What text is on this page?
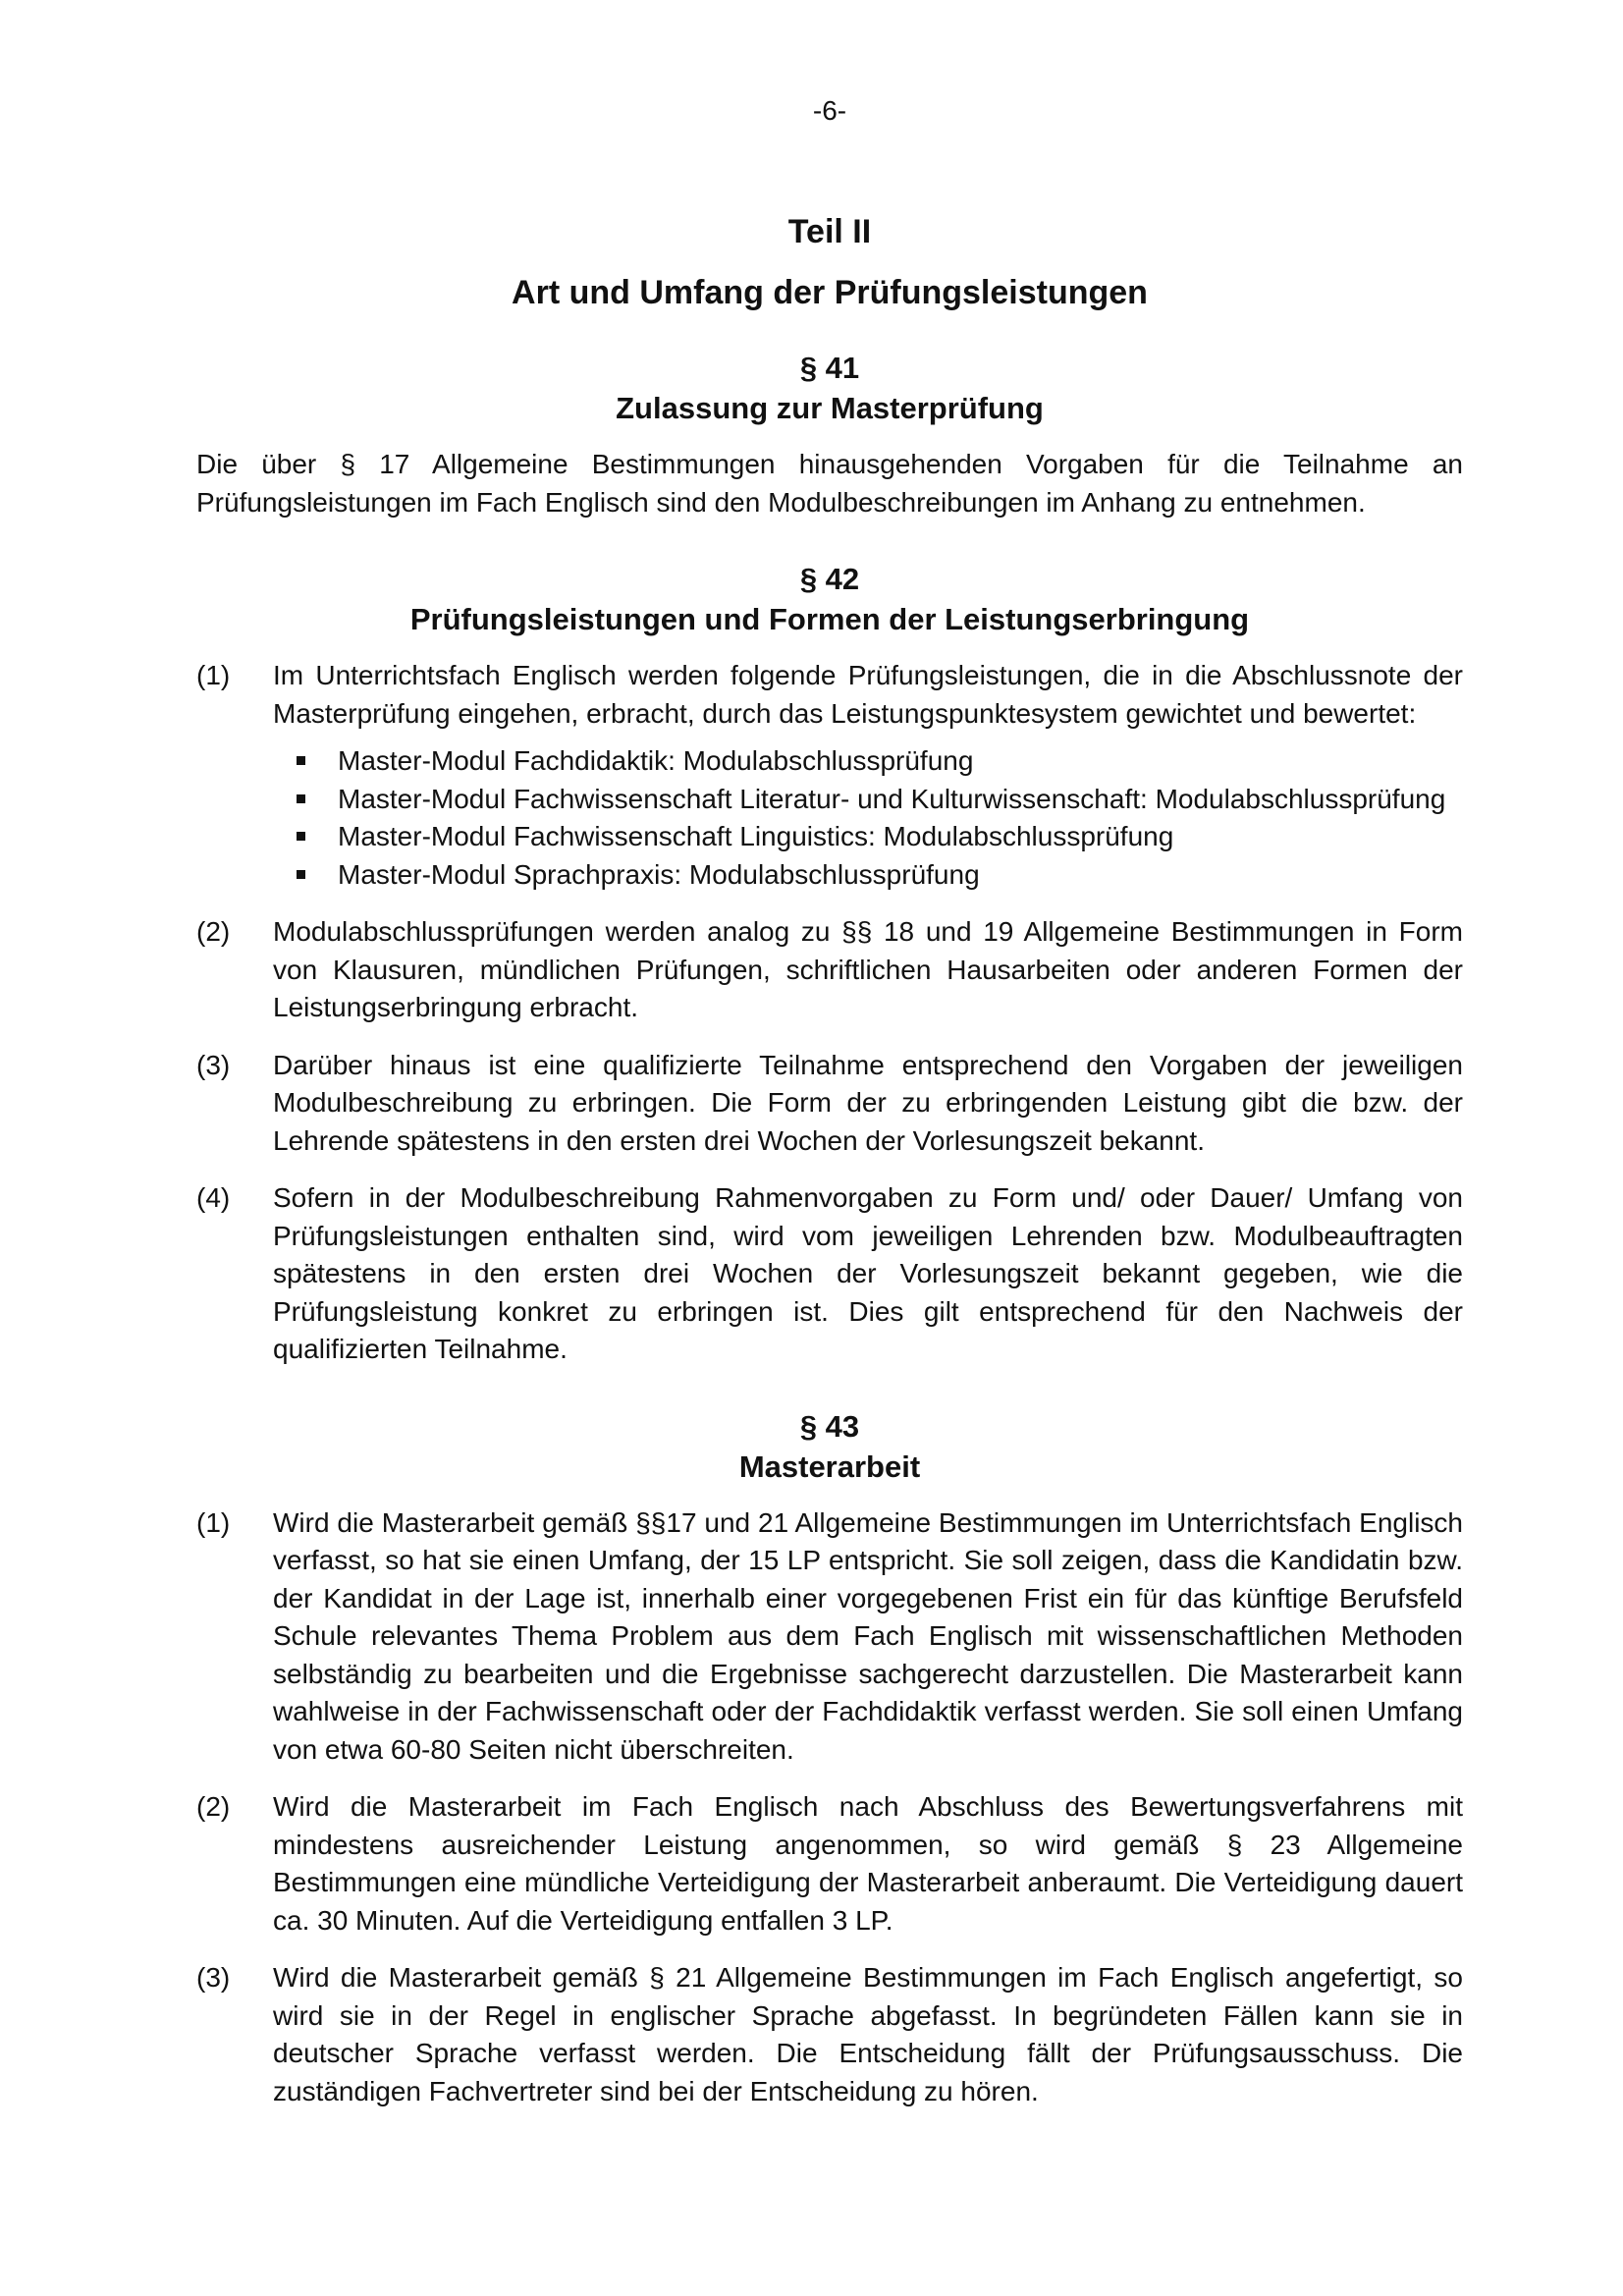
-6-
Teil II
Art und Umfang der Prüfungsleistungen
§ 41
Zulassung zur Masterprüfung

Die über § 17 Allgemeine Bestimmungen hinausgehenden Vorgaben für die Teilnahme an Prüfungsleistungen im Fach Englisch sind den Modulbeschreibungen im Anhang zu entnehmen.

§ 42
Prüfungsleistungen und Formen der Leistungserbringung
(1) Im Unterrichtsfach Englisch werden folgende Prüfungsleistungen, die in die Abschlussnote der Masterprüfung eingehen, erbracht, durch das Leistungspunktesystem gewichtet und bewertet:
Master-Modul Fachdidaktik: Modulabschlussprüfung
Master-Modul Fachwissenschaft Literatur- und Kulturwissenschaft: Modulabschlussprüfung
Master-Modul Fachwissenschaft Linguistics: Modulabschlussprüfung
Master-Modul Sprachpraxis: Modulabschlussprüfung
(2) Modulabschlussprüfungen werden analog zu §§ 18 und 19 Allgemeine Bestimmungen in Form von Klausuren, mündlichen Prüfungen, schriftlichen Hausarbeiten oder anderen Formen der Leistungserbringung erbracht.
(3) Darüber hinaus ist eine qualifizierte Teilnahme entsprechend den Vorgaben der jeweiligen Modulbeschreibung zu erbringen. Die Form der zu erbringenden Leistung gibt die bzw. der Lehrende spätestens in den ersten drei Wochen der Vorlesungszeit bekannt.
(4) Sofern in der Modulbeschreibung Rahmenvorgaben zu Form und/ oder Dauer/ Umfang von Prüfungsleistungen enthalten sind, wird vom jeweiligen Lehrenden bzw. Modulbeauftragten spätestens in den ersten drei Wochen der Vorlesungszeit bekannt gegeben, wie die Prüfungsleistung konkret zu erbringen ist. Dies gilt entsprechend für den Nachweis der qualifizierten Teilnahme.
§ 43
Masterarbeit
(1) Wird die Masterarbeit gemäß §§17 und 21 Allgemeine Bestimmungen im Unterrichtsfach Englisch verfasst, so hat sie einen Umfang, der 15 LP entspricht. Sie soll zeigen, dass die Kandidatin bzw. der Kandidat in der Lage ist, innerhalb einer vorgegebenen Frist ein für das künftige Berufsfeld Schule relevantes Thema Problem aus dem Fach Englisch mit wissenschaftlichen Methoden selbständig zu bearbeiten und die Ergebnisse sachgerecht darzustellen. Die Masterarbeit kann wahlweise in der Fachwissenschaft oder der Fachdidaktik verfasst werden. Sie soll einen Umfang von etwa 60-80 Seiten nicht überschreiten.
(2) Wird die Masterarbeit im Fach Englisch nach Abschluss des Bewertungsverfahrens mit mindestens ausreichender Leistung angenommen, so wird gemäß § 23 Allgemeine Bestimmungen eine mündliche Verteidigung der Masterarbeit anberaumt. Die Verteidigung dauert ca. 30 Minuten. Auf die Verteidigung entfallen 3 LP.
(3) Wird die Masterarbeit gemäß § 21 Allgemeine Bestimmungen im Fach Englisch angefertigt, so wird sie in der Regel in englischer Sprache abgefasst. In begründeten Fällen kann sie in deutscher Sprache verfasst werden. Die Entscheidung fällt der Prüfungsausschuss. Die zuständigen Fachvertreter sind bei der Entscheidung zu hören.
